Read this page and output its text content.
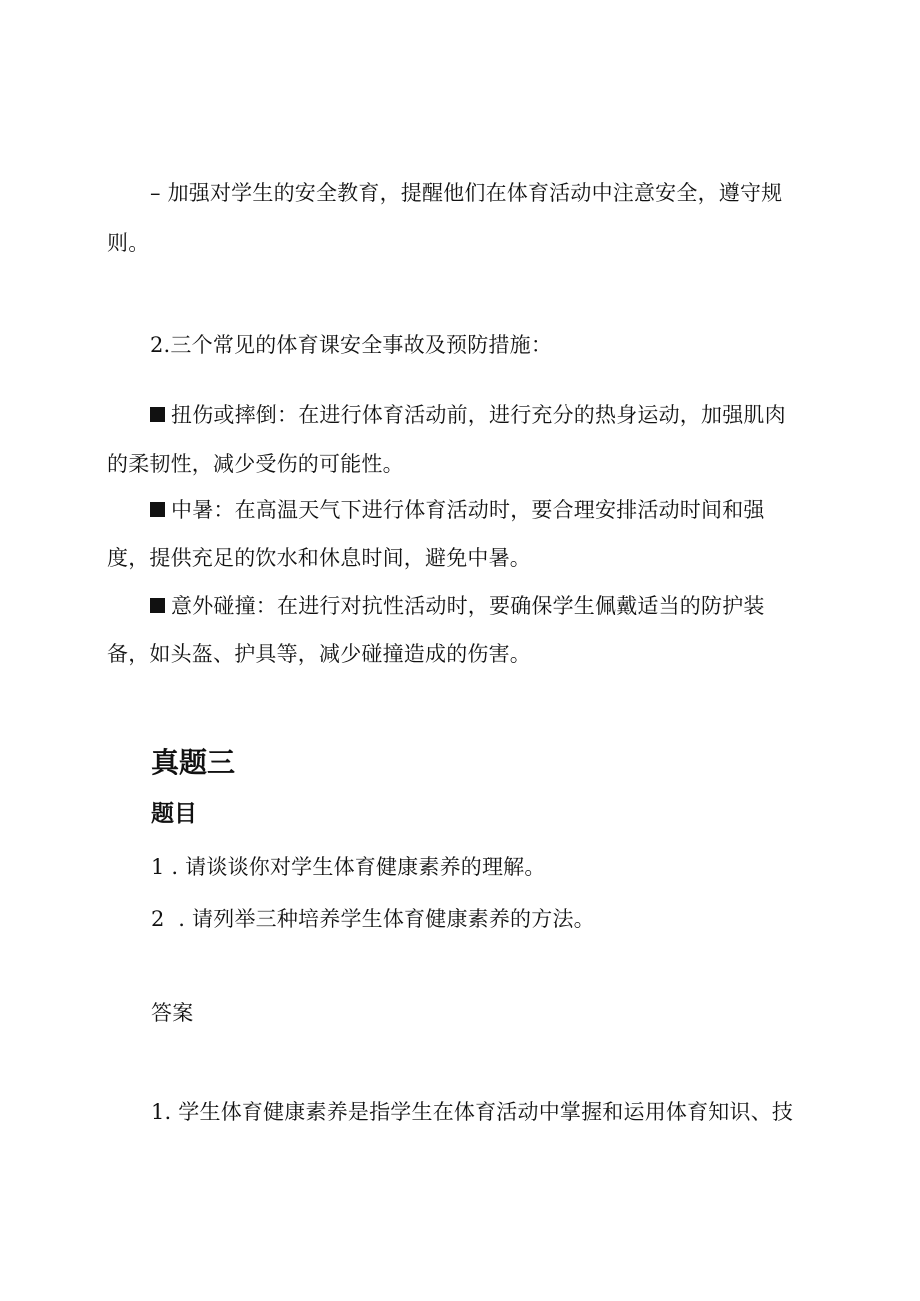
– 加强对学生的安全教育，提醒他们在体育活动中注意安全，遵守规
则。
2.三个常见的体育课安全事故及预防措施：
扭伤或摔倒：在进行体育活动前，进行充分的热身运动，加强肌肉
的柔韧性，减少受伤的可能性。
中暑：在高温天气下进行体育活动时，要合理安排活动时间和强
度，提供充足的饮水和休息时间，避免中暑。
意外碰撞：在进行对抗性活动时，要确保学生佩戴适当的防护装
备，如头盔、护具等，减少碰撞造成的伤害。
真题三
题目
1 . 请谈谈你对学生体育健康素养的理解。
2  . 请列举三种培养学生体育健康素养的方法。
答案
1. 学生体育健康素养是指学生在体育活动中掌握和运用体育知识、技
